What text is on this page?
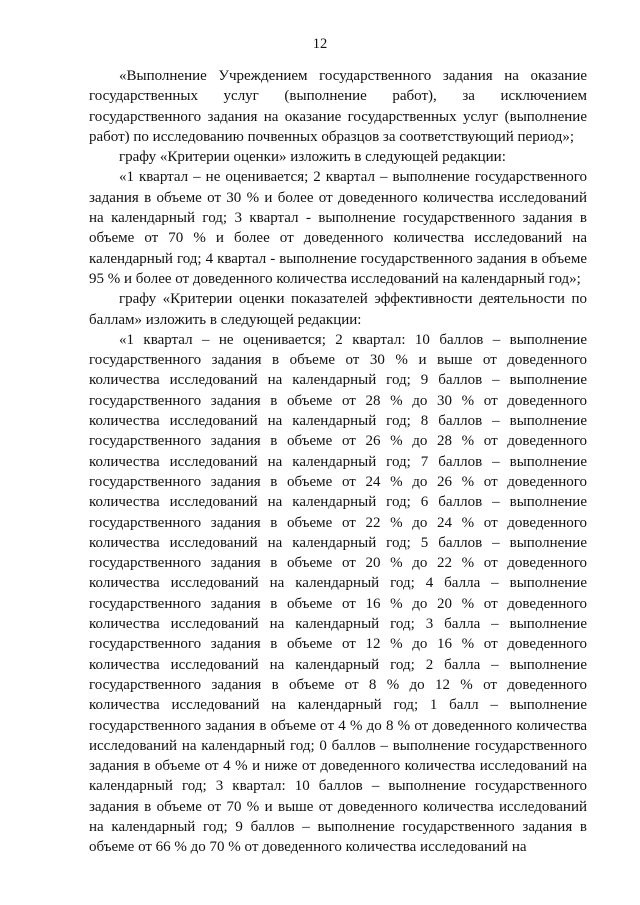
12

«Выполнение Учреждением государственного задания на оказание государственных услуг (выполнение работ), за исключением государственного задания на оказание государственных услуг (выполнение работ) по исследованию почвенных образцов за соответствующий период»;

графу «Критерии оценки» изложить в следующей редакции:

«1 квартал – не оценивается; 2 квартал – выполнение государственного задания в объеме от 30 % и более от доведенного количества исследований на календарный год; 3 квартал - выполнение государственного задания в объеме от 70 % и более от доведенного количества исследований на календарный год; 4 квартал - выполнение государственного задания в объеме 95 % и более от доведенного количества исследований на календарный год»;

графу «Критерии оценки показателей эффективности деятельности по баллам» изложить в следующей редакции:

«1 квартал – не оценивается; 2 квартал: 10 баллов – выполнение государственного задания в объеме от 30 % и выше от доведенного количества исследований на календарный год; 9 баллов – выполнение государственного задания в объеме от 28 % до 30 % от доведенного количества исследований на календарный год; 8 баллов – выполнение государственного задания в объеме от 26 % до 28 % от доведенного количества исследований на календарный год; 7 баллов – выполнение государственного задания в объеме от 24 % до 26 % от доведенного количества исследований на календарный год; 6 баллов – выполнение государственного задания в объеме от 22 % до 24 % от доведенного количества исследований на календарный год; 5 баллов – выполнение государственного задания в объеме от 20 % до 22 % от доведенного количества исследований на календарный год; 4 балла – выполнение государственного задания в объеме от 16 % до 20 % от доведенного количества исследований на календарный год; 3 балла – выполнение государственного задания в объеме от 12 % до 16 % от доведенного количества исследований на календарный год; 2 балла – выполнение государственного задания в объеме от 8 % до 12 % от доведенного количества исследований на календарный год; 1 балл – выполнение государственного задания в объеме от 4 % до 8 % от доведенного количества исследований на календарный год; 0 баллов – выполнение государственного задания в объеме от 4 % и ниже от доведенного количества исследований на календарный год; 3 квартал: 10 баллов – выполнение государственного задания в объеме от 70 % и выше от доведенного количества исследований на календарный год; 9 баллов – выполнение государственного задания в объеме от 66 % до 70 % от доведенного количества исследований на
